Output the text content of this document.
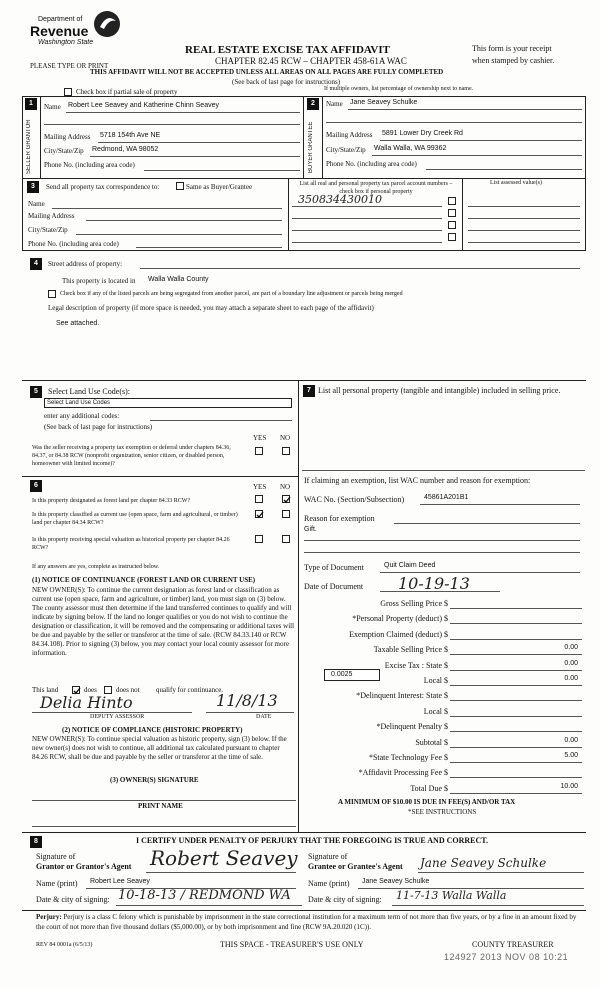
Department of
Revenue
Washington State
PLEASE TYPE OR PRINT
REAL ESTATE EXCISE TAX AFFIDAVIT
CHAPTER 82.45 RCW – CHAPTER 458-61A WAC
This form is your receipt
when stamped by cashier.
THIS AFFIDAVIT WILL NOT BE ACCEPTED UNLESS ALL AREAS ON ALL PAGES ARE FULLY COMPLETED
(See back of last page for instructions)
Check box if partial sale of property	If multiple owners, list percentage of ownership next to name.
1
SELLER GRANTOR
Name Robert Lee Seavey and Katherine Chinn Seavey
Mailing Address 5718 154th Ave NE
City/State/Zip Redmond, WA 98052
Phone No. (including area code)
2
BUYER GRANTEE
Name Jane Seavey Schulke
Mailing Address 5891 Lower Dry Creek Rd
City/State/Zip Walla Walla, WA 99362
Phone No. (including area code)
3	Send all property tax correspondence to:	Same as Buyer/Grantee
Name
Mailing Address
City/State/Zip
Phone No. (including area code)
List all real and personal property tax parcel account numbers – check box if personal property
350834430010
List assessed value(s)
4	Street address of property:
This property is located in Walla Walla County
Check box if any of the listed parcels are being segregated from another parcel, are part of a boundary line adjustment or parcels being merged
Legal description of property (if more space is needed, you may attach a separate sheet to each page of the affidavit)
See attached.
5	Select Land Use Code(s):
Select Land Use Codes
enter any additional codes:
(See back of last page for instructions)
YES NO
Was the seller receiving a property tax exemption or deferral under chapters 84.36, 84.37, or 84.38 RCW (nonprofit organization, senior citizen, or disabled person, homeowner with limited income)?
6	YES NO
Is this property designated as forest land per chapter 84.33 RCW?
Is this property classified as current use (open space, farm and agricultural, or timber) land per chapter 84.34 RCW?
Is this property receiving special valuation as historical property per chapter 84.26 RCW?
If any answers are yes, complete as instructed below.
(1) NOTICE OF CONTINUANCE (FOREST LAND OR CURRENT USE)
NEW OWNER(S): To continue the current designation as forest land or classification as current use (open space, farm and agriculture, or timber) land, you must sign on (3) below. The county assessor must then determine if the land transferred continues to qualify and will indicate by signing below. If the land no longer qualifies or you do not wish to continue the designation or classification, it will be removed and the compensating or additional taxes will be due and payable by the seller or transferor at the time of sale. (RCW 84.33.140 or RCW 84.34.108). Prior to signing (3) below, you may contact your local county assessor for more information.
This land	does	does not qualify for continuance.
Delia Hinto	11/8/13
DEPUTY ASSESSOR	DATE
(2) NOTICE OF COMPLIANCE (HISTORIC PROPERTY)
NEW OWNER(S): To continue special valuation as historic property, sign (3) below. If the new owner(s) does not wish to continue, all additional tax calculated pursuant to chapter 84.26 RCW, shall be due and payable by the seller or transferor at the time of sale.
(3) OWNER(S) SIGNATURE
PRINT NAME
7 List all personal property (tangible and intangible) included in selling price.
If claiming an exemption, list WAC number and reason for exemption:
WAC No. (Section/Subsection)	45861A201B1
Reason for exemption
Gift.
Type of Document	Quit Claim Deed
Date of Document 10-19-13
Gross Selling Price $
*Personal Property (deduct) $
Exemption Claimed (deduct) $
Taxable Selling Price $	0.00
Excise Tax : State $	0.00
Local $	0.00
*Delinquent Interest: State $
Local $
*Delinquent Penalty $
Subtotal $	0.00
*State Technology Fee $	5.00
*Affidavit Processing Fee $
Total Due $	10.00
0.0025
A MINIMUM OF $10.00 IS DUE IN FEE(S) AND/OR TAX
*SEE INSTRUCTIONS
8	I CERTIFY UNDER PENALTY OF PERJURY THAT THE FOREGOING IS TRUE AND CORRECT.
Signature of
Grantor or Grantor's Agent Robert Seavey
Name (print) Robert Lee Seavey
Date & city of signing: 10-18-13 / REDMOND WA
Signature of
Grantee or Grantee's Agent Jane Seavey Schulke
Name (print) Jane Seavey Schulke
Date & city of signing: 11-7-13 Walla Walla
Perjury: Perjury is a class C felony which is punishable by imprisonment in the state correctional institution for a maximum term of not more than five years, or by a fine in an amount fixed by the court of not more than five thousand dollars ($5,000.00), or by both imprisonment and fine (RCW 9A.20.020 (1C)).
REV 84 0001a (6/5/13)	THIS SPACE - TREASURER'S USE ONLY	COUNTY TREASURER
124927 2013 NOV 08 10:21
